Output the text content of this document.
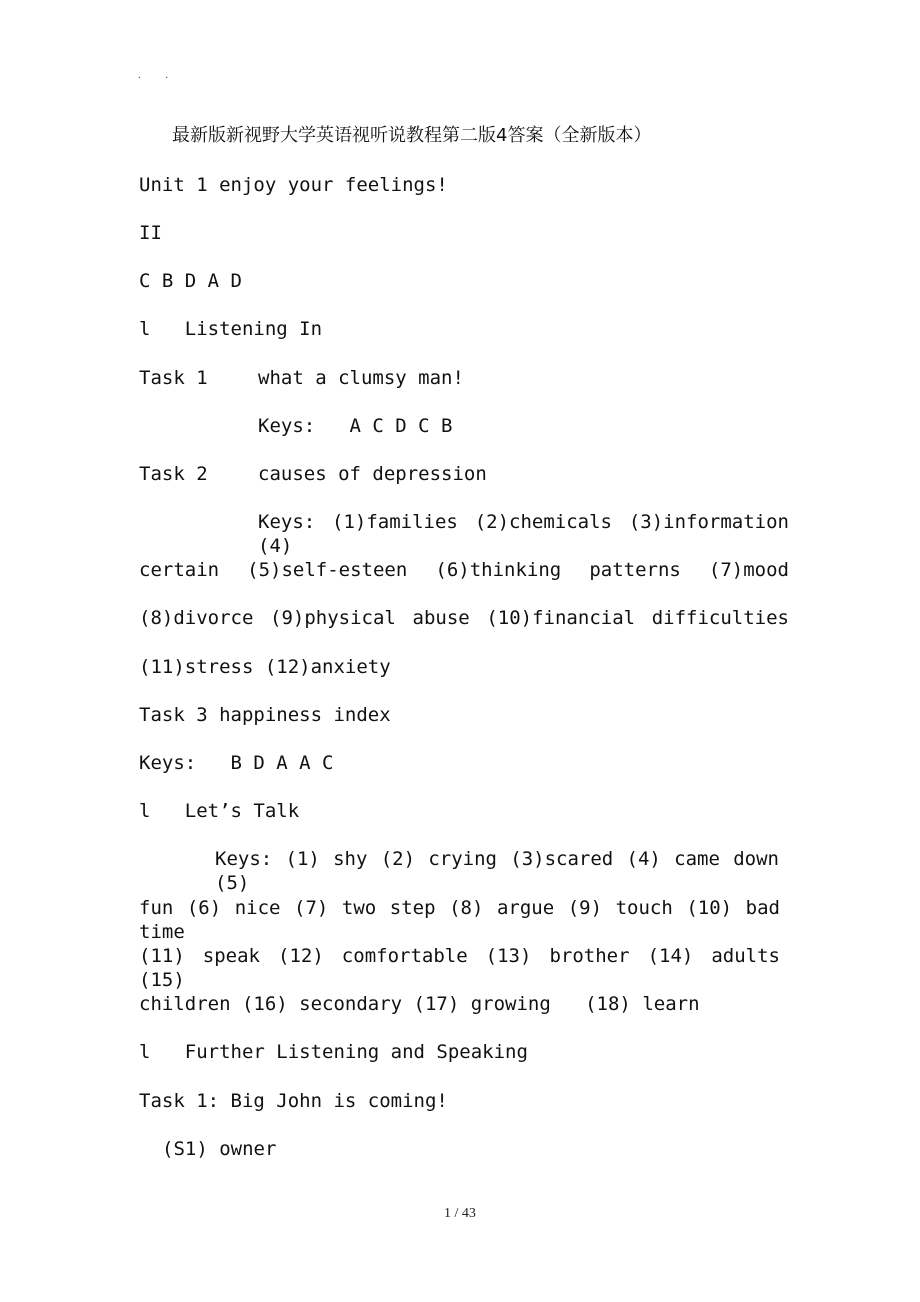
.          .
最新版新视野大学英语视听说教程第二版4答案（全新版本）
Unit 1 enjoy your feelings!
II
C B D A D
l   Listening In
Task 1	what a clumsy man!
Keys:   A C D C B
Task 2	causes of depression
Keys: (1)families (2)chemicals (3)information (4)
certain (5)self-esteen (6)thinking patterns (7)mood
(8)divorce (9)physical abuse (10)financial difficulties
(11)stress (12)anxiety
Task 3 happiness index
Keys:   B D A A C
l   Let’s Talk
Keys: (1) shy (2) crying (3)scared (4) came down (5)
fun (6) nice (7) two step (8) argue (9) touch (10) bad time
(11) speak (12) comfortable (13) brother (14) adults (15)
children (16) secondary (17) growing   (18) learn
l   Further Listening and Speaking
Task 1: Big John is coming!
(S1) owner
1 / 43
